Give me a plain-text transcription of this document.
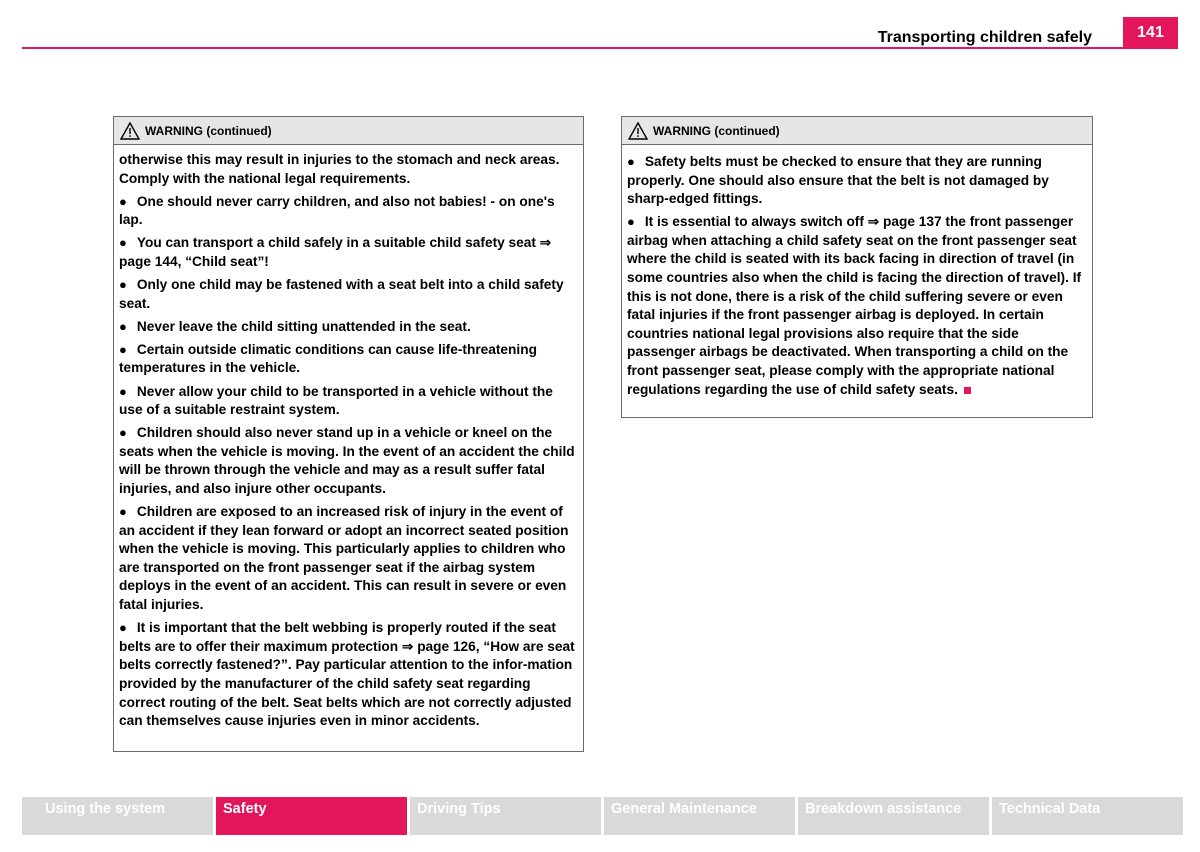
Transporting children safely	141
WARNING (continued)

otherwise this may result in injuries to the stomach and neck areas. Comply with the national legal requirements.

● One should never carry children, and also not babies! - on one's lap.

● You can transport a child safely in a suitable child safety seat ⇒ page 144, “Child seat”!

● Only one child may be fastened with a seat belt into a child safety seat.

● Never leave the child sitting unattended in the seat.

● Certain outside climatic conditions can cause life-threatening temperatures in the vehicle.

● Never allow your child to be transported in a vehicle without the use of a suitable restraint system.

● Children should also never stand up in a vehicle or kneel on the seats when the vehicle is moving. In the event of an accident the child will be thrown through the vehicle and may as a result suffer fatal injuries, and also injure other occupants.

● Children are exposed to an increased risk of injury in the event of an accident if they lean forward or adopt an incorrect seated position when the vehicle is moving. This particularly applies to children who are transported on the front passenger seat if the airbag system deploys in the event of an accident. This can result in severe or even fatal injuries.

● It is important that the belt webbing is properly routed if the seat belts are to offer their maximum protection ⇒ page 126, “How are seat belts correctly fastened?”. Pay particular attention to the infor-mation provided by the manufacturer of the child safety seat regarding correct routing of the belt. Seat belts which are not correctly adjusted can themselves cause injuries even in minor accidents.

WARNING (continued)

● Safety belts must be checked to ensure that they are running properly. One should also ensure that the belt is not damaged by sharp-edged fittings.

● It is essential to always switch off ⇒ page 137 the front passenger airbag when attaching a child safety seat on the front passenger seat where the child is seated with its back facing in direction of travel (in some countries also when the child is facing the direction of travel). If this is not done, there is a risk of the child suffering severe or even fatal injuries if the front passenger airbag is deployed. In certain countries national legal provisions also require that the side passenger airbags be deactivated. When transporting a child on the front passenger seat, please comply with the appropriate national regulations regarding the use of child safety seats.

Using the system	Safety	Driving Tips	General Maintenance	Breakdown assistance	Technical Data
